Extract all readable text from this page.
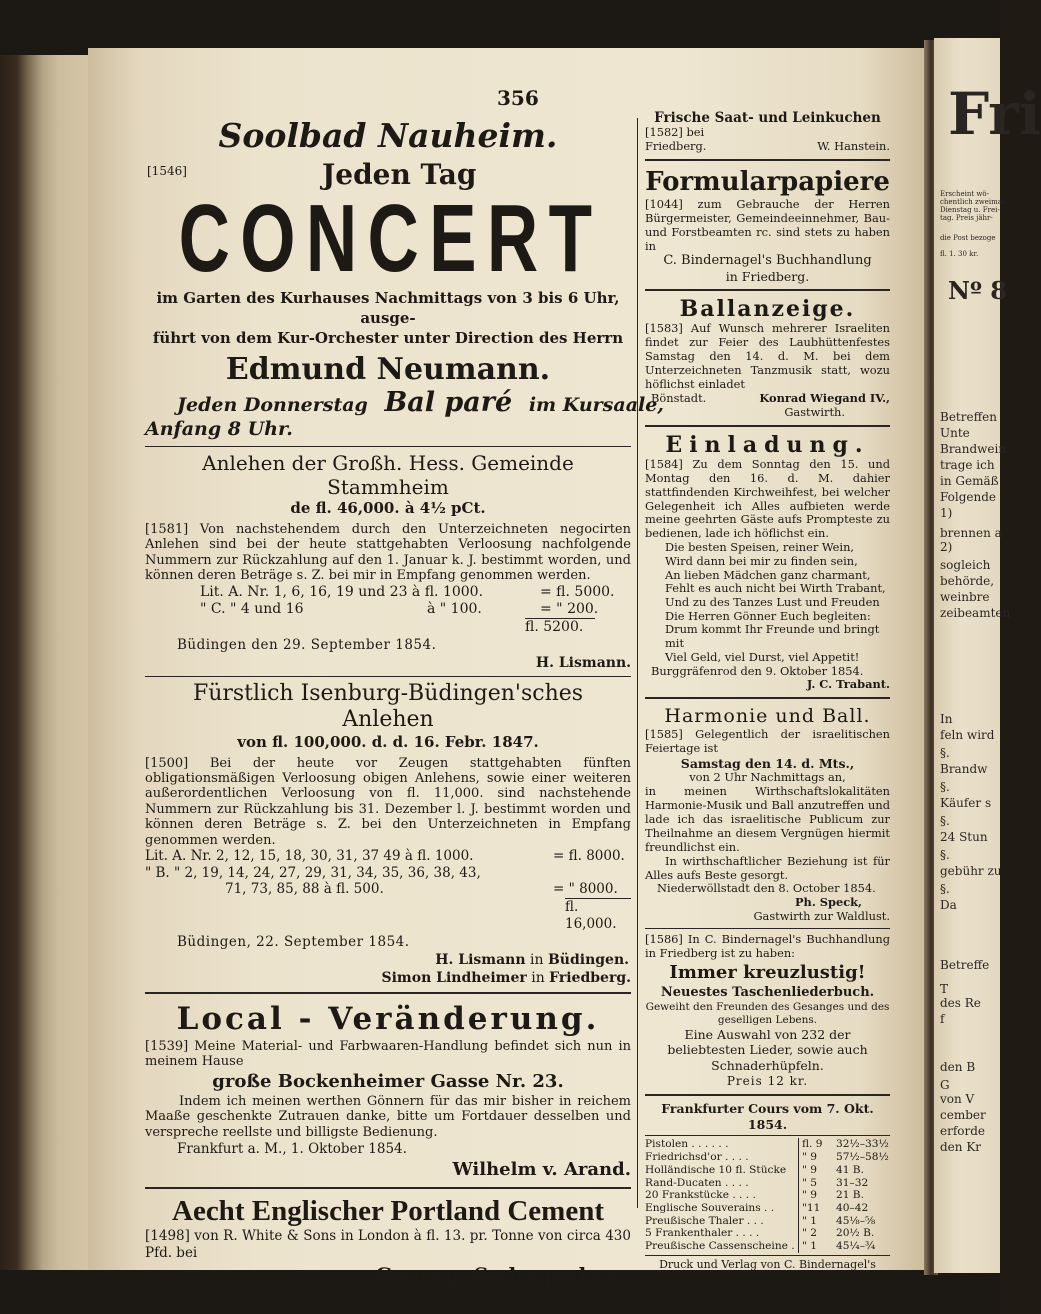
Fri
Erscheint wö-
chentlich zweimal
Dienstag u. Frei-
tag. Preis jähr-
die Post bezoge
fl. 1. 30 kr.
Nº 8
Betreffen
Unte
Brandwein
trage ich
in Gemäß
Folgende
1)
brennen a
2)
sogleich
behörde,
weinbre
zeibeamten
In
feln wird
§.
Brandw
§.
Käufer s
§.
24 Stun
§.
gebühr zu
§.
Da
Betreffe
T
des Re
f
den B
G
von V
cember
erforde
den Kr
356
Soolbad Nauheim.
[1546]	Jeden Tag
CONCERT
im Garten des Kurhauses Nachmittags von 3 bis 6 Uhr, ausge-
führt von dem Kur-Orchester unter Direction des Herrn
Edmund Neumann.
Jeden Donnerstag Bal paré im Kursaale,
Anfang 8 Uhr.
Anlehen der Großh. Hess. Gemeinde Stammheim
de fl. 46,000. à 4½ pCt.
[1581] Von nachstehendem durch den Unterzeichneten negocirten Anlehen sind bei der heute stattgehabten Verloosung nachfolgende Nummern zur Rückzahlung auf den 1. Januar k. J. bestimmt worden, und können deren Beträge s. Z. bei mir in Empfang genommen werden.
Lit. A. Nr. 1, 6, 16, 19 und 23 à fl. 1000.	= fl. 5000.
" C. " 4 und 16	à " 100.	= " 200.
fl. 5200.
Büdingen den 29. September 1854.
H. Lismann.
Fürstlich Isenburg-Büdingen'sches Anlehen
von fl. 100,000. d. d. 16. Febr. 1847.
[1500] Bei der heute vor Zeugen stattgehabten fünften obligationsmäßigen Verloosung obigen Anlehens, sowie einer weiteren außerordentlichen Verloosung von fl. 11,000. sind nachstehende Nummern zur Rückzahlung bis 31. Dezember l. J. bestimmt worden und können deren Beträge s. Z. bei den Unterzeichneten in Empfang genommen werden.
Lit. A. Nr. 2, 12, 15, 18, 30, 31, 37 49 à fl. 1000.	= fl. 8000.
" B. " 2, 19, 14, 24, 27, 29, 31, 34, 35, 36, 38, 43,
71, 73, 85, 88 à fl. 500.	= " 8000.
fl. 16,000.
Büdingen, 22. September 1854.
H. Lismann in Büdingen.
Simon Lindheimer in Friedberg.
Local - Veränderung.
[1539] Meine Material- und Farbwaaren-Handlung befindet sich nun in meinem Hause
große Bockenheimer Gasse Nr. 23.
Indem ich meinen werthen Gönnern für das mir bisher in reichem Maaße geschenkte Zutrauen danke, bitte um Fortdauer desselben und verspreche reellste und billigste Bedienung.
Frankfurt a. M., 1. Oktober 1854.
Wilhelm v. Arand.
Aecht Englischer Portland Cement
[1498] von R. White & Sons in London à fl. 13. pr. Tonne von circa 430 Pfd. bei
Georg Schepeler,
Frankfurt a. M.
Frische Saat- und Leinkuchen
[1582] bei
Friedberg.	W. Hanstein.
Formularpapiere
[1044] zum Gebrauche der Herren Bürgermeister, Gemeindeeinnehmer, Bau- und Forstbeamten rc. sind stets zu haben in
C. Bindernagel's Buchhandlung
in Friedberg.
Ballanzeige.
[1583] Auf Wunsch mehrerer Israeliten findet zur Feier des Laubhüttenfestes Samstag den 14. d. M. bei dem Unterzeichneten Tanzmusik statt, wozu höflichst einladet
Bönstadt.	Konrad Wiegand IV.,
Gastwirth.
Einladung.
[1584] Zu dem Sonntag den 15. und Montag den 16. d. M. dahier stattfindenden Kirchweihfest, bei welcher Gelegenheit ich Alles aufbieten werde meine geehrten Gäste aufs Prompteste zu bedienen, lade ich höflichst ein.
Die besten Speisen, reiner Wein,
Wird dann bei mir zu finden sein,
An lieben Mädchen ganz charmant,
Fehlt es auch nicht bei Wirth Trabant,
Und zu des Tanzes Lust und Freuden
Die Herren Gönner Euch begleiten:
Drum kommt Ihr Freunde und bringt mit
Viel Geld, viel Durst, viel Appetit!
Burggräfenrod den 9. Oktober 1854.
J. C. Trabant.
Harmonie und Ball.
[1585] Gelegentlich der israelitischen Feiertage ist
Samstag den 14. d. Mts.,
von 2 Uhr Nachmittags an,
in meinen Wirthschaftslokalitäten Harmonie-Musik und Ball anzutreffen und lade ich das israelitische Publicum zur Theilnahme an diesem Vergnügen hiermit freundlichst ein.
In wirthschaftlicher Beziehung ist für Alles aufs Beste gesorgt.
Niederwöllstadt den 8. October 1854.
Ph. Speck,
Gastwirth zur Waldlust.
[1586] In C. Bindernagel's Buchhandlung in Friedberg ist zu haben:
Immer kreuzlustig!
Neuestes Taschenliederbuch.
Geweiht den Freunden des Gesanges und des geselligen Lebens.
Eine Auswahl von 232 der beliebtesten Lieder, sowie auch Schnaderhüpfeln.
Preis 12 kr.
Frankfurter Cours vom 7. Okt. 1854.
Pistolen . . . . . .	fl. 9	32½–33½
Friedrichsd'or . . . .	" 9	57½–58½
Holländische 10 fl. Stücke	" 9	41 B.
Rand-Ducaten . . . .	" 5	31–32
20 Frankstücke . . . .	" 9	21 B.
Englische Souverains . .	"11	40–42
Preußische Thaler . . .	" 1	45⅛–⅝
5 Frankenthaler . . . .	" 2	20½ B.
Preußische Cassenscheine .	" 1	45¼–¾
Druck und Verlag von C. Bindernagel's Buchhandlung in Friedberg.
